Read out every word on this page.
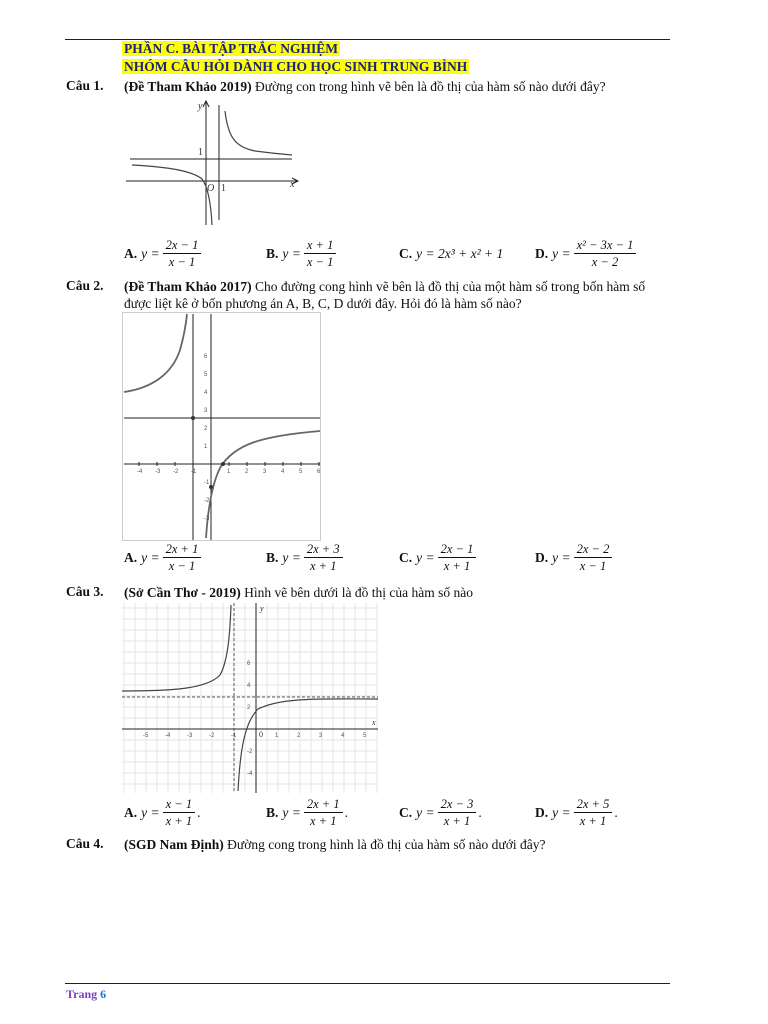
PHẦN C. BÀI TẬP TRẮC NGHIỆM
NHÓM CÂU HỎI DÀNH CHO HỌC SINH TRUNG BÌNH
Câu 1. (Đề Tham Khảo 2019) Đường con trong hình vẽ bên là đồ thị của hàm số nào dưới đây?
y
x
1
O 1
A. $y = \frac{2x - 1}{x - 1}$	B. $y = \frac{x + 1}{x - 1}$	C. y = 2x³ + x² + 1 D. $y = \frac{\text{x² − 3x − 1}}{x - 2}$
Câu 2. (Đề Tham Khảo 2017) Cho đường cong hình vẽ bên là đồ thị của một hàm số trong bốn hàm số được liệt kê ở bốn phương án A, B, C, D dưới đây. Hỏi đó là hàm số nào?
-4 -3 -2 -1	1 2 3 4 5 6
6
5
4
3
2
1
-1
-2
-3
A. $y = \frac{2x + 1}{x - 1}$	B. $y = \frac{2x + 3}{x + 1}$	C. $y = \frac{2x - 1}{x + 1}$	D. $y = \frac{2x - 2}{x - 1}$
Câu 3. (Sở Cần Thơ - 2019) Hình vẽ bên dưới là đồ thị của hàm số nào
0
y
x
-5	-4	-3	-2	-1	1	2	3	4	5
6
4
2
-2
-4
A. $y = \frac{x - 1}{x + 1}$ .	B. $y = \frac{2x + 1}{x + 1}$ .	C. $y = \frac{2x - 3}{x + 1}$ .	D. $y = \frac{2x + 5}{x + 1}$ .
Câu 4. (SGD Nam Định) Đường cong trong hình là đồ thị của hàm số nào dưới đây?
Trang 6
